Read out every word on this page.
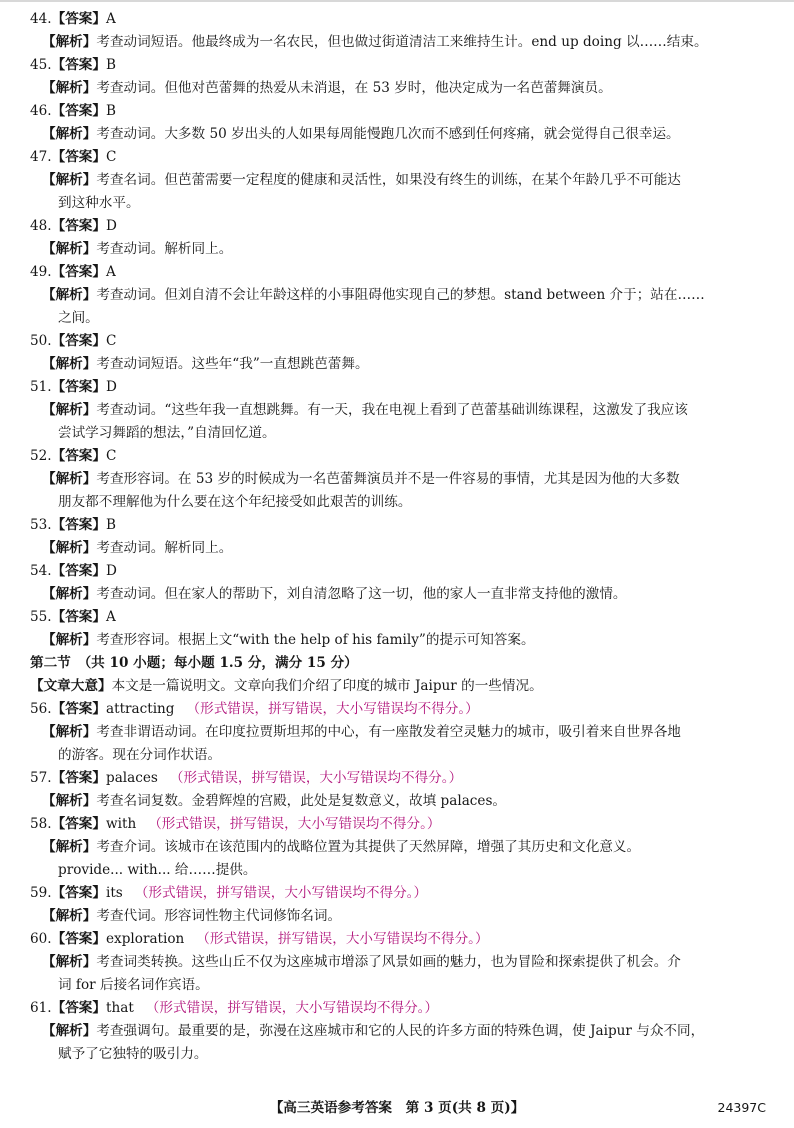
44.【答案】A
【解析】考查动词短语。他最终成为一名农民，但也做过街道清洁工来维持生计。end up doing 以……结束。
45.【答案】B
【解析】考查动词。但他对芭蕾舞的热爱从未消退，在 53 岁时，他决定成为一名芭蕾舞演员。
46.【答案】B
【解析】考查动词。大多数 50 岁出头的人如果每周能慢跑几次而不感到任何疼痛，就会觉得自己很幸运。
47.【答案】C
【解析】考查名词。但芭蕾需要一定程度的健康和灵活性，如果没有终生的训练，在某个年龄几乎不可能达
到这种水平。
48.【答案】D
【解析】考查动词。解析同上。
49.【答案】A
【解析】考查动词。但刘自清不会让年龄这样的小事阻碍他实现自己的梦想。stand between 介于；站在……
之间。
50.【答案】C
【解析】考查动词短语。这些年“我”一直想跳芭蕾舞。
51.【答案】D
【解析】考查动词。“这些年我一直想跳舞。有一天，我在电视上看到了芭蕾基础训练课程，这激发了我应该
尝试学习舞蹈的想法，”自清回忆道。
52.【答案】C
【解析】考查形容词。在 53 岁的时候成为一名芭蕾舞演员并不是一件容易的事情，尤其是因为他的大多数
朋友都不理解他为什么要在这个年纪接受如此艰苦的训练。
53.【答案】B
【解析】考查动词。解析同上。
54.【答案】D
【解析】考查动词。但在家人的帮助下，刘自清忽略了这一切，他的家人一直非常支持他的激情。
55.【答案】A
【解析】考查形容词。根据上文“with the help of his family”的提示可知答案。
第二节　（共 10 小题；每小题 1.5 分，满分 15 分）
【文章大意】本文是一篇说明文。文章向我们介绍了印度的城市 Jaipur 的一些情况。
56.【答案】attracting （形式错误，拼写错误，大小写错误均不得分。）
【解析】考查非谓语动词。在印度拉贾斯坦邦的中心，有一座散发着空灵魅力的城市，吸引着来自世界各地
的游客。现在分词作状语。
57.【答案】palaces （形式错误，拼写错误，大小写错误均不得分。）
【解析】考查名词复数。金碧辉煌的宫殿，此处是复数意义，故填 palaces。
58.【答案】with （形式错误，拼写错误，大小写错误均不得分。）
【解析】考查介词。该城市在该范围内的战略位置为其提供了天然屏障，增强了其历史和文化意义。
provide... with... 给……提供。
59.【答案】its （形式错误，拼写错误，大小写错误均不得分。）
【解析】考查代词。形容词性物主代词修饰名词。
60.【答案】exploration （形式错误，拼写错误，大小写错误均不得分。）
【解析】考查词类转换。这些山丘不仅为这座城市增添了风景如画的魅力，也为冒险和探索提供了机会。介
词 for 后接名词作宾语。
61.【答案】that （形式错误，拼写错误，大小写错误均不得分。）
【解析】考查强调句。最重要的是，弥漫在这座城市和它的人民的许多方面的特殊色调，使 Jaipur 与众不同，
赋予了它独特的吸引力。
【高三英语参考答案　第 3 页(共 8 页)】	24397C
